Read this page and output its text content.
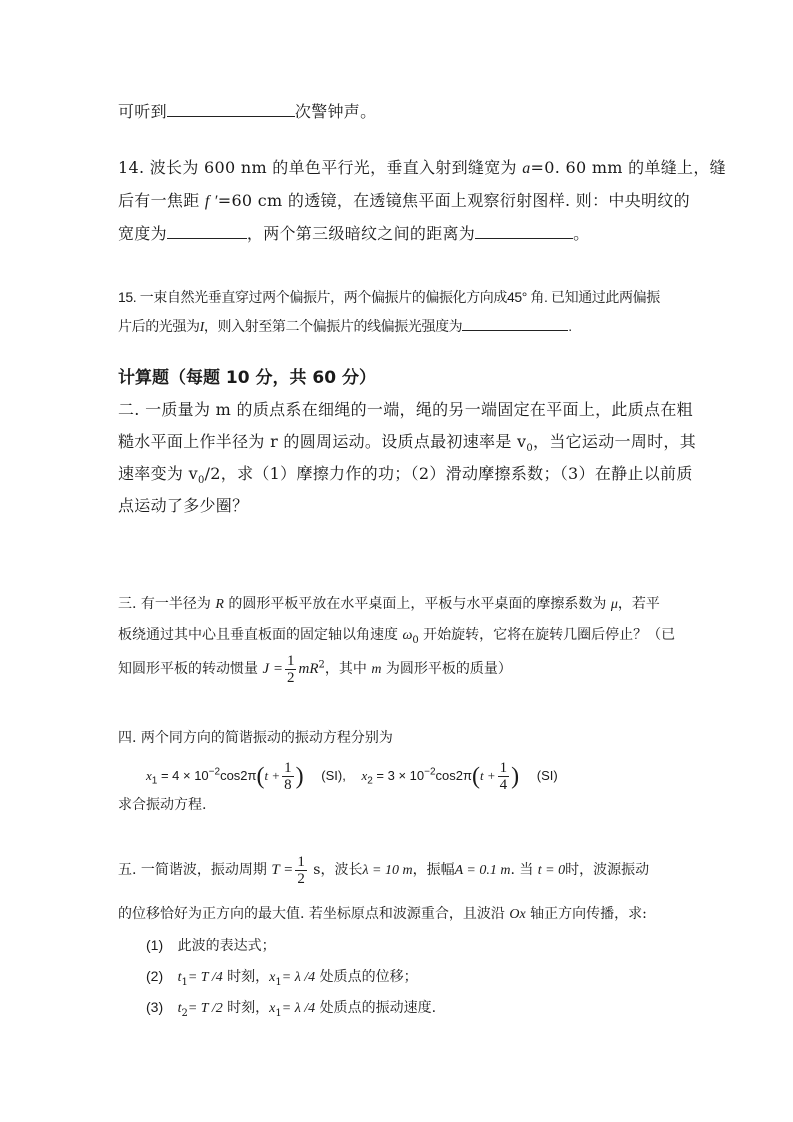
可听到	次警钟声。
14. 波长为 600 nm 的单色平行光，垂直入射到缝宽为 a=0. 60 mm 的单缝上，缝
后有一焦距 f ′=60 cm 的透镜，在透镜焦平面上观察衍射图样. 则：中央明纹的
宽度为	，两个第三级暗纹之间的距离为	。
15. 一束自然光垂直穿过两个偏振片，两个偏振片的偏振化方向成45° 角. 已知通过此两偏振
片后的光强为I，则入射至第二个偏振片的线偏振光强度为	.
计算题（每题 10 分，共 60 分）
二. 一质量为 m 的质点系在细绳的一端，绳的另一端固定在平面上，此质点在粗
糙水平面上作半径为 r 的圆周运动。设质点最初速率是 $v_0$，当它运动一周时，其
速率变为 $v_0/2$，求（1）摩擦力作的功；（2）滑动摩擦系数；（3）在静止以前质
点运动了多少圈？
三. 有一半径为 R 的圆形平板平放在水平桌面上，平板与水平桌面的摩擦系数为 μ，若平
板绕通过其中心且垂直板面的固定轴以角速度 $\omega_0$ 开始旋转，它将在旋转几圈后停止？（已
知圆形平板的转动惯量 $J = \frac{1}{2} mR^2$，其中 m 为圆形平板的质量）
四. 两个同方向的简谐振动的振动方程分别为
$x_1 = 4 \times 10^{-2}\cos 2\pi(t + \frac{1}{8}$ ) (SI), $x_2 = 3 \times 10^{-2}\cos 2\pi(t + \frac{1}{4}$ ) (SI)
求合振动方程.
五. 一简谐波，振动周期 $T = \frac{1}{2}$ s，波长λ = 10 m，振幅A = 0.1 m. 当 t = 0时，波源振动
的位移恰好为正方向的最大值. 若坐标原点和波源重合，且波沿 Ox 轴正方向传播，求:
(1) 此波的表达式；
(2) $t_1= T$ /4 时刻，$x_1= \lambda$ /4 处质点的位移；
(3) $t_2= T$ /2 时刻，$x_1= \lambda$ /4 处质点的振动速度.
